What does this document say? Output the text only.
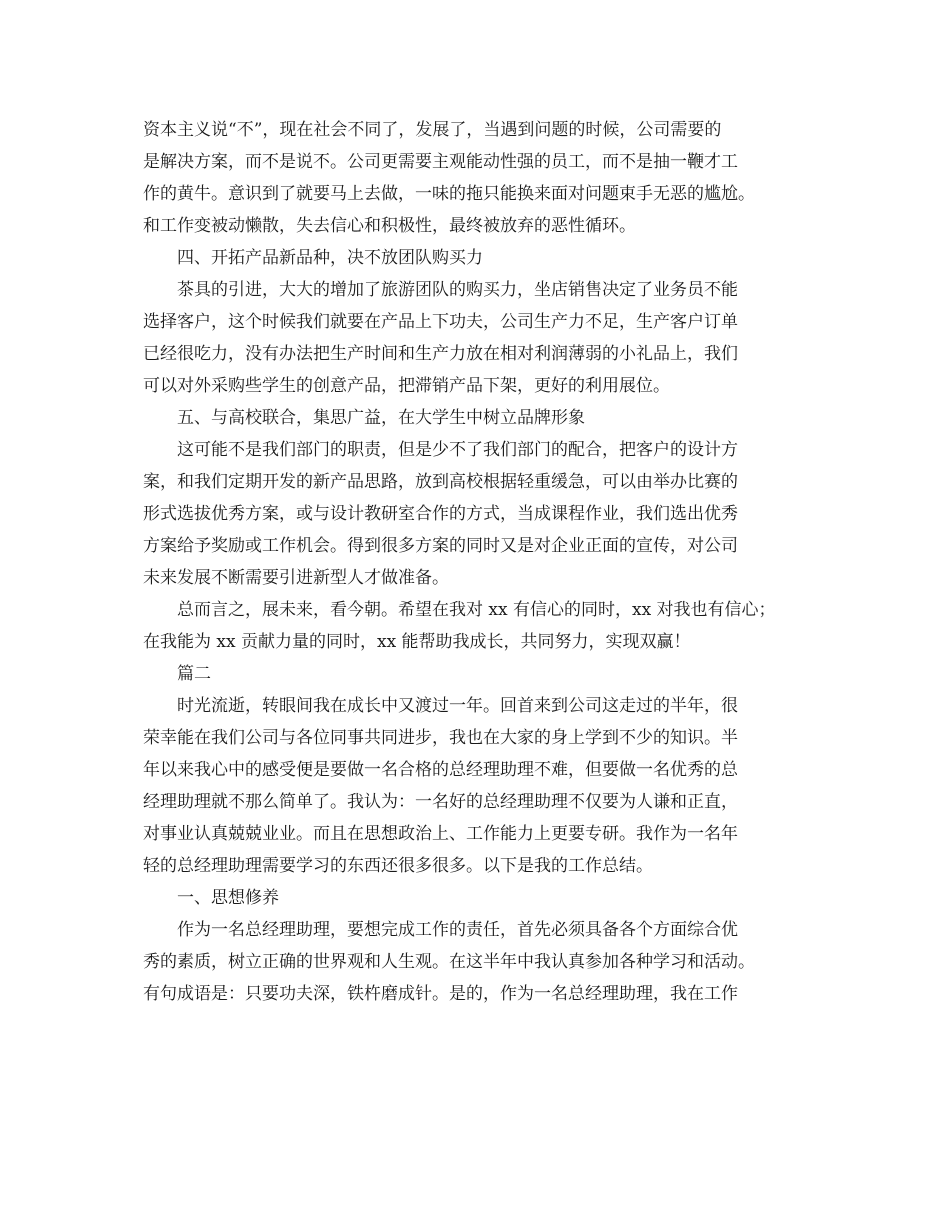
资本主义说“不”，现在社会不同了，发展了，当遇到问题的时候，公司需要的
是解决方案，而不是说不。公司更需要主观能动性强的员工，而不是抽一鞭才工
作的黄牛。意识到了就要马上去做，一味的拖只能换来面对问题束手无恶的尴尬。
和工作变被动懒散，失去信心和积极性，最终被放弃的恶性循环。
四、开拓产品新品种，决不放团队购买力
茶具的引进，大大的增加了旅游团队的购买力，坐店销售决定了业务员不能
选择客户，这个时候我们就要在产品上下功夫，公司生产力不足，生产客户订单
已经很吃力，没有办法把生产时间和生产力放在相对利润薄弱的小礼品上，我们
可以对外采购些学生的创意产品，把滞销产品下架，更好的利用展位。
五、与高校联合，集思广益，在大学生中树立品牌形象
这可能不是我们部门的职责，但是少不了我们部门的配合，把客户的设计方
案，和我们定期开发的新产品思路，放到高校根据轻重缓急，可以由举办比赛的
形式选拔优秀方案，或与设计教研室合作的方式，当成课程作业，我们选出优秀
方案给予奖励或工作机会。得到很多方案的同时又是对企业正面的宣传，对公司
未来发展不断需要引进新型人才做准备。
总而言之，展未来，看今朝。希望在我对 xx 有信心的同时，xx 对我也有信心；
在我能为 xx 贡献力量的同时，xx 能帮助我成长，共同努力，实现双赢！
篇二
时光流逝，转眼间我在成长中又渡过一年。回首来到公司这走过的半年，很
荣幸能在我们公司与各位同事共同进步，我也在大家的身上学到不少的知识。半
年以来我心中的感受便是要做一名合格的总经理助理不难，但要做一名优秀的总
经理助理就不那么简单了。我认为：一名好的总经理助理不仅要为人谦和正直，
对事业认真兢兢业业。而且在思想政治上、工作能力上更要专研。我作为一名年
轻的总经理助理需要学习的东西还很多很多。以下是我的工作总结。
一、思想修养
作为一名总经理助理，要想完成工作的责任，首先必须具备各个方面综合优
秀的素质，树立正确的世界观和人生观。在这半年中我认真参加各种学习和活动。
有句成语是：只要功夫深，铁杵磨成针。是的，作为一名总经理助理，我在工作
